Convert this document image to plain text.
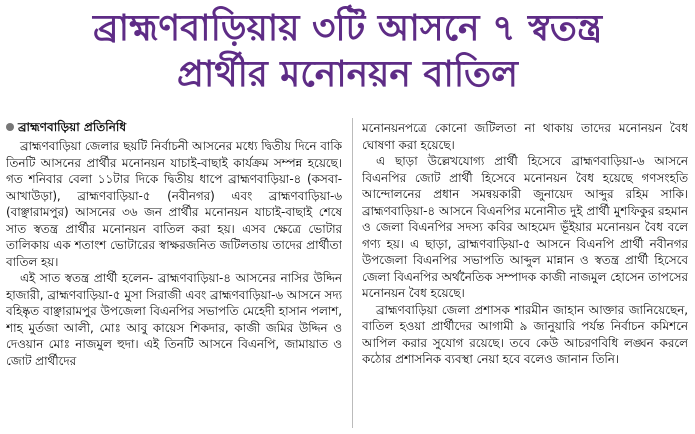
ব্রাহ্মণবাড়িয়ায় ৩টি আসনে ৭ স্বতন্ত্র
প্রার্থীর মনোনয়ন বাতিল
ব্রাহ্মণবাড়িয়া প্রতিনিধি

ব্রাহ্মণবাড়িয়া জেলার ছয়টি নির্বাচনী আসনের মধ্যে দ্বিতীয় দিনে বাকি তিনটি আসনের প্রার্থীর মনোনয়ন যাচাই-বাছাই কার্যক্রম সম্পন্ন হয়েছে। গত শনিবার বেলা ১১টার দিকে দ্বিতীয় ধাপে ব্রাহ্মণবাড়িয়া-৪ (কসবা-আখাউড়া), ব্রাহ্মণবাড়িয়া-৫ (নবীনগর) এবং ব্রাহ্মণবাড়িয়া-৬ (বাঞ্ছারামপুর) আসনের ৩৬ জন প্রার্থীর মনোনয়ন যাচাই-বাছাই শেষে সাত স্বতন্ত্র প্রার্থীর মনোনয়ন বাতিল করা হয়। এসব ক্ষেত্রে ভোটার তালিকায় এক শতাংশ ভোটারের স্বাক্ষরজনিত জটিলতায় তাদের প্রার্থীতা বাতিল হয়।

এই সাত স্বতন্ত্র প্রার্থী হলেন- ব্রাহ্মণবাড়িয়া-৪ আসনের নাসির উদ্দিন হাজারী, ব্রাহ্মণবাড়িয়া-৫ মুসা সিরাজী এবং ব্রাহ্মণবাড়িয়া-৬ আসনে সদ্য বহিষ্কৃত বাঞ্ছারামপুর উপজেলা বিএনপির সভাপতি মেহেদী হাসান পলাশ, শাহ মুর্তজা আলী, মোঃ আবু কায়েস শিকদার, কাজী জমির উদ্দিন ও দেওয়ান মোঃ নাজমুল হুদা। এই তিনটি আসনে বিএনপি, জামায়াত ও জোট প্রার্থীদের

মনোনয়নপত্রে কোনো জটিলতা না থাকায় তাদের মনোনয়ন বৈধ ঘোষণা করা হয়েছে।

এ ছাড়া উল্লেখযোগ্য প্রার্থী হিসেবে ব্রাহ্মণবাড়িয়া-৬ আসনে বিএনপির জোট প্রার্থী হিসেবে মনোনয়ন বৈধ হয়েছে গণসংহতি আন্দোলনের প্রধান সমন্বয়কারী জুনায়েদ আব্দুর রহিম সাকি। ব্রাহ্মণবাড়িয়া-৪ আসনে বিএনপির মনোনীত দুই প্রার্থী মুশফিকুর রহমান ও জেলা বিএনপির সদস্য কবির আহমেদ ভূঁইয়ার মনোনয়ন বৈধ বলে গণ্য হয়। এ ছাড়া, ব্রাহ্মণবাড়িয়া-৫ আসনে বিএনপি প্রার্থী নবীনগর উপজেলা বিএনপির সভাপতি আব্দুল মান্নান ও স্বতন্ত্র প্রার্থী হিসেবে জেলা বিএনপির অর্থনৈতিক সম্পাদক কাজী নাজমুল হোসেন তাপসের মনোনয়ন বৈধ হয়েছে।

ব্রাহ্মণবাড়িয়া জেলা প্রশাসক শারমীন জাহান আক্তার জানিয়েছেন, বাতিল হওয়া প্রার্থীদের আগামী ৯ জানুয়ারি পর্যন্ত নির্বাচন কমিশনে আপিল করার সুযোগ রয়েছে। তবে কেউ আচরণবিধি লঙ্ঘন করলে কঠোর প্রশাসনিক ব্যবস্থা নেয়া হবে বলেও জানান তিনি।
